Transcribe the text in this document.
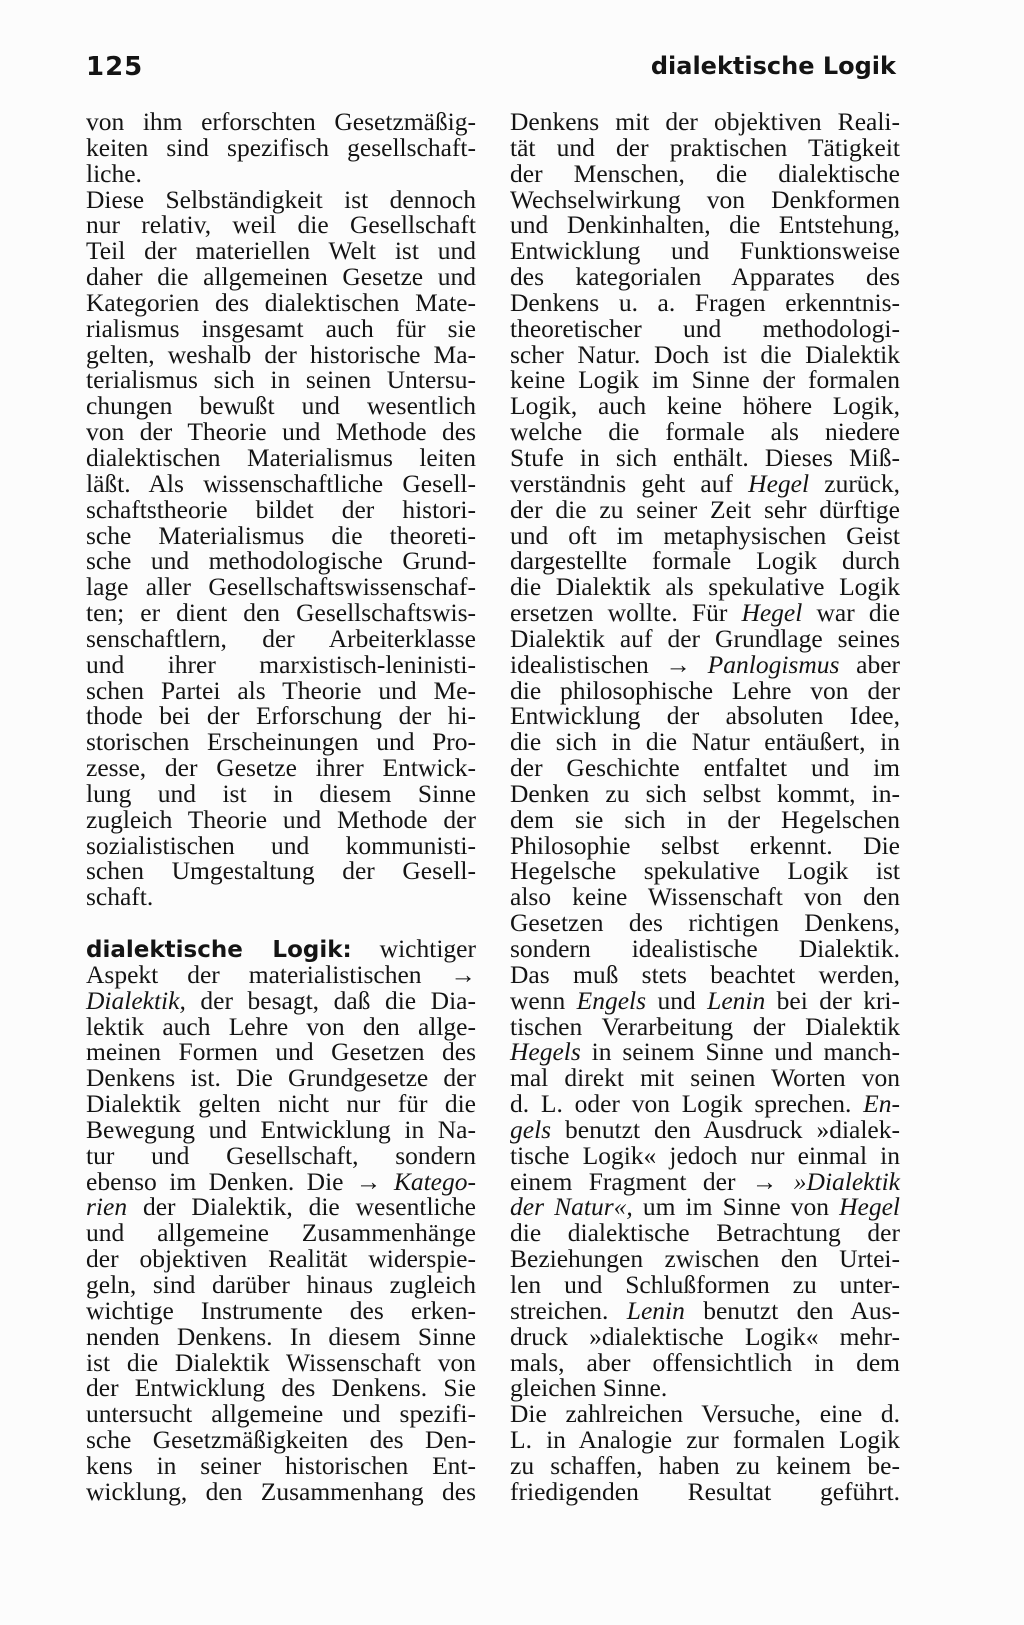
125	dialektische Logik
von ihm erforschten Gesetzmäßig-
keiten sind spezifisch gesellschaft-
liche.
Diese Selbständigkeit ist dennoch
nur relativ, weil die Gesellschaft
Teil der materiellen Welt ist und
daher die allgemeinen Gesetze und
Kategorien des dialektischen Mate-
rialismus insgesamt auch für sie
gelten, weshalb der historische Ma-
terialismus sich in seinen Untersu-
chungen bewußt und wesentlich
von der Theorie und Methode des
dialektischen Materialismus leiten
läßt. Als wissenschaftliche Gesell-
schaftstheorie bildet der histori-
sche Materialismus die theoreti-
sche und methodologische Grund-
lage aller Gesellschaftswissenschaf-
ten; er dient den Gesellschaftswis-
senschaftlern, der Arbeiterklasse
und ihrer marxistisch-leninisti-
schen Partei als Theorie und Me-
thode bei der Erforschung der hi-
storischen Erscheinungen und Pro-
zesse, der Gesetze ihrer Entwick-
lung und ist in diesem Sinne
zugleich Theorie und Methode der
sozialistischen und kommunisti-
schen Umgestaltung der Gesell-
schaft.
dialektische Logik: wichtiger
Aspekt der materialistischen →
Dialektik, der besagt, daß die Dia-
lektik auch Lehre von den allge-
meinen Formen und Gesetzen des
Denkens ist. Die Grundgesetze der
Dialektik gelten nicht nur für die
Bewegung und Entwicklung in Na-
tur und Gesellschaft, sondern
ebenso im Denken. Die → Katego-
rien der Dialektik, die wesentliche
und allgemeine Zusammenhänge
der objektiven Realität widerspie-
geln, sind darüber hinaus zugleich
wichtige Instrumente des erken-
nenden Denkens. In diesem Sinne
ist die Dialektik Wissenschaft von
der Entwicklung des Denkens. Sie
untersucht allgemeine und spezifi-
sche Gesetzmäßigkeiten des Den-
kens in seiner historischen Ent-
wicklung, den Zusammenhang des
Denkens mit der objektiven Reali-
tät und der praktischen Tätigkeit
der Menschen, die dialektische
Wechselwirkung von Denkformen
und Denkinhalten, die Entstehung,
Entwicklung und Funktionsweise
des kategorialen Apparates des
Denkens u. a. Fragen erkenntnis-
theoretischer und methodologi-
scher Natur. Doch ist die Dialektik
keine Logik im Sinne der formalen
Logik, auch keine höhere Logik,
welche die formale als niedere
Stufe in sich enthält. Dieses Miß-
verständnis geht auf Hegel zurück,
der die zu seiner Zeit sehr dürftige
und oft im metaphysischen Geist
dargestellte formale Logik durch
die Dialektik als spekulative Logik
ersetzen wollte. Für Hegel war die
Dialektik auf der Grundlage seines
idealistischen → Panlogismus aber
die philosophische Lehre von der
Entwicklung der absoluten Idee,
die sich in die Natur entäußert, in
der Geschichte entfaltet und im
Denken zu sich selbst kommt, in-
dem sie sich in der Hegelschen
Philosophie selbst erkennt. Die
Hegelsche spekulative Logik ist
also keine Wissenschaft von den
Gesetzen des richtigen Denkens,
sondern idealistische Dialektik.
Das muß stets beachtet werden,
wenn Engels und Lenin bei der kri-
tischen Verarbeitung der Dialektik
Hegels in seinem Sinne und manch-
mal direkt mit seinen Worten von
d. L. oder von Logik sprechen. En-
gels benutzt den Ausdruck »dialek-
tische Logik« jedoch nur einmal in
einem Fragment der → »Dialektik
der Natur«, um im Sinne von Hegel
die dialektische Betrachtung der
Beziehungen zwischen den Urtei-
len und Schlußformen zu unter-
streichen. Lenin benutzt den Aus-
druck »dialektische Logik« mehr-
mals, aber offensichtlich in dem
gleichen Sinne.
Die zahlreichen Versuche, eine d.
L. in Analogie zur formalen Logik
zu schaffen, haben zu keinem be-
friedigenden Resultat geführt.
